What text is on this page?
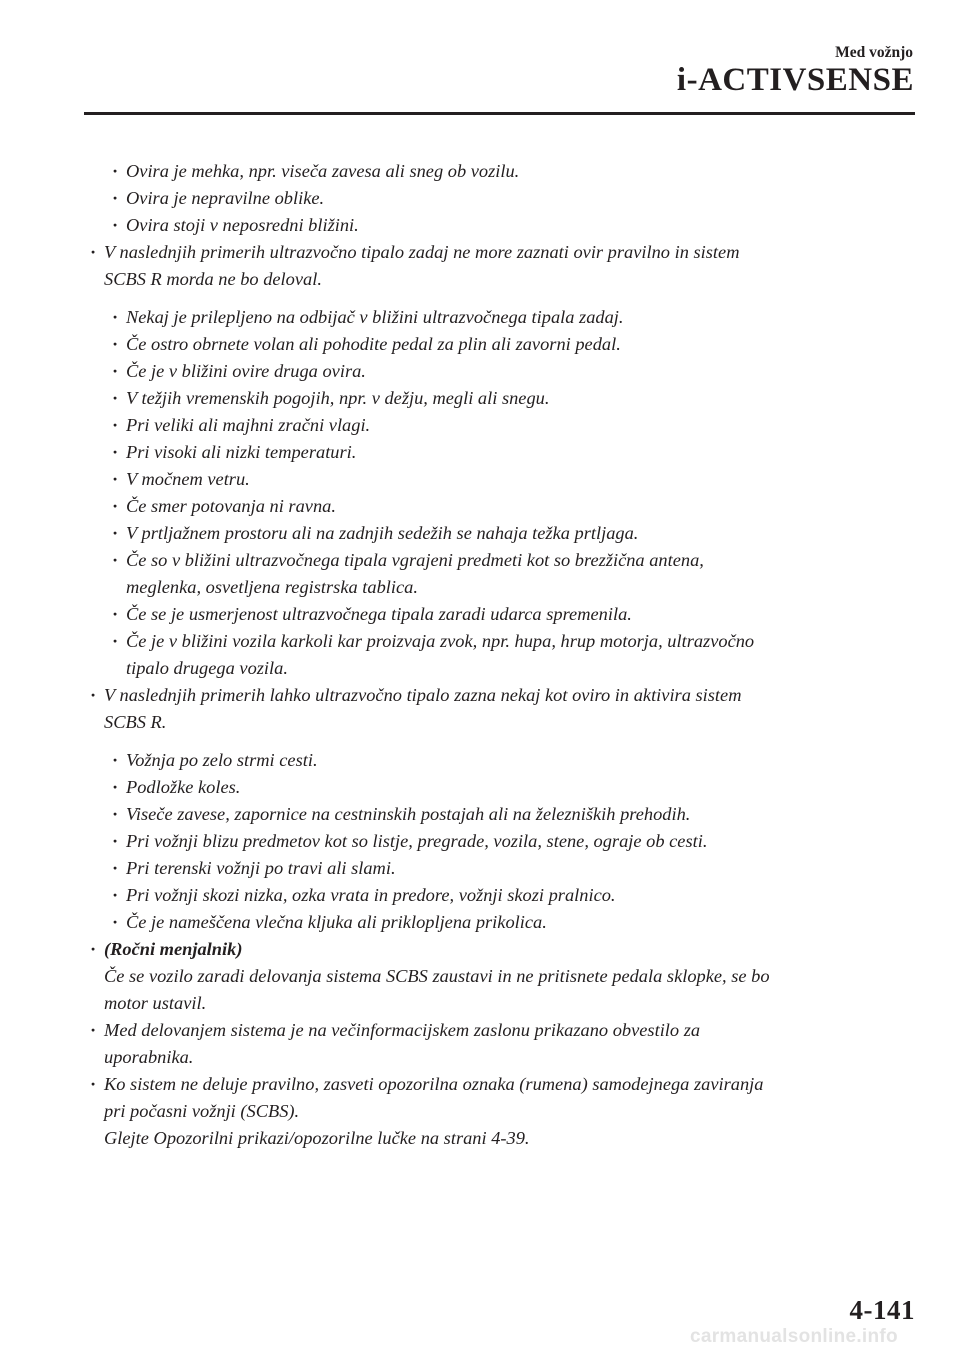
Med vožnjo
i-ACTIVSENSE
· Ovira je mehka, npr. viseča zavesa ali sneg ob vozilu.
· Ovira je nepravilne oblike.
· Ovira stoji v neposredni bližini.
· V naslednjih primerih ultrazvočno tipalo zadaj ne more zaznati ovir pravilno in sistem
SCBS R morda ne bo deloval.
· Nekaj je prilepljeno na odbijač v bližini ultrazvočnega tipala zadaj.
· Če ostro obrnete volan ali pohodite pedal za plin ali zavorni pedal.
· Če je v bližini ovire druga ovira.
· V težjih vremenskih pogojih, npr. v dežju, megli ali snegu.
· Pri veliki ali majhni zračni vlagi.
· Pri visoki ali nizki temperaturi.
· V močnem vetru.
· Če smer potovanja ni ravna.
· V prtljažnem prostoru ali na zadnjih sedežih se nahaja težka prtljaga.
· Če so v bližini ultrazvočnega tipala vgrajeni predmeti kot so brezžična antena,
meglenka, osvetljena registrska tablica.
· Če se je usmerjenost ultrazvočnega tipala zaradi udarca spremenila.
· Če je v bližini vozila karkoli kar proizvaja zvok, npr. hupa, hrup motorja, ultrazvočno
tipalo drugega vozila.
· V naslednjih primerih lahko ultrazvočno tipalo zazna nekaj kot oviro in aktivira sistem
SCBS R.
· Vožnja po zelo strmi cesti.
· Podložke koles.
· Viseče zavese, zapornice na cestninskih postajah ali na železniških prehodih.
· Pri vožnji blizu predmetov kot so listje, pregrade, vozila, stene, ograje ob cesti.
· Pri terenski vožnji po travi ali slami.
· Pri vožnji skozi nizka, ozka vrata in predore, vožnji skozi pralnico.
· Če je nameščena vlečna kljuka ali priklopljena prikolica.
· (Ročni menjalnik)
Če se vozilo zaradi delovanja sistema SCBS zaustavi in ne pritisnete pedala sklopke, se bo
motor ustavil.
· Med delovanjem sistema je na večinformacijskem zaslonu prikazano obvestilo za
uporabnika.
· Ko sistem ne deluje pravilno, zasveti opozorilna oznaka (rumena) samodejnega zaviranja
pri počasni vožnji (SCBS).
Glejte Opozorilni prikazi/opozorilne lučke na strani 4-39.
4-141
carmanualsonline.info
